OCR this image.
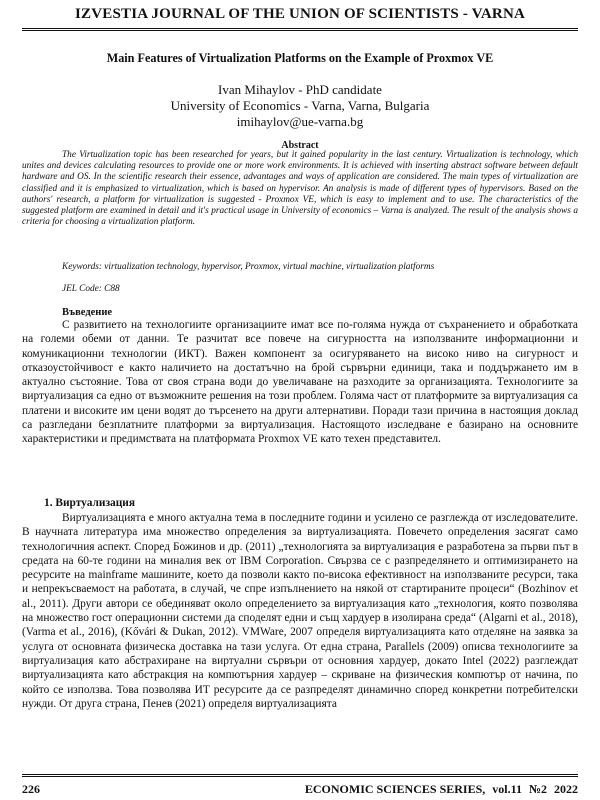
IZVESTIA JOURNAL OF THE UNION OF SCIENTISTS - VARNA
Main Features of Virtualization Platforms on the Example of Proxmox VE
Ivan Mihaylov - PhD candidate
University of Economics - Varna, Varna, Bulgaria
imihaylov@ue-varna.bg
Abstract
The Virtualization topic has been researched for years, but it gained popularity in the last century. Virtualization is technology, which unites and devices calculating resources to provide one or more work environments. It is achieved with inserting abstract software between default hardware and OS. In the scientific research their essence, advantages and ways of application are considered. The main types of virtualization are classified and it is emphasized to virtualization, which is based on hypervisor. An analysis is made of different types of hypervisors. Based on the authors' research, a platform for virtualization is suggested - Proxmox VE, which is easy to implement and to use. The characteristics of the suggested platform are examined in detail and it's practical usage in University of economics – Varna is analyzed. The result of the analysis shows a criteria for choosing a virtualization platform.
Keywords: virtualization technology, hypervisor, Proxmox, virtual machine, virtualization platforms
JEL Code: C88
Въведение
С развитието на технологиите организациите имат все по-голяма нужда от съхранението и обработката на големи обеми от данни. Те разчитат все повече на сигурността на използваните информационни и комуникационни технологии (ИКТ). Важен компонент за осигуряването на високо ниво на сигурност и отказоустойчивост е както наличието на достатъчно на брой сървърни единици, така и поддържането им в актуално състояние. Това от своя страна води до увеличаване на разходите за организацията. Технологиите за виртуализация са едно от възможните решения на този проблем. Голяма част от платформите за виртуализация са платени и високите им цени водят до търсенето на други алтернативи. Поради тази причина в настоящия доклад са разгледани безплатните платформи за виртуализация. Настоящото изследване е базирано на основните характеристики и предимствата на платформата Proxmox VE като техен представител.
1. Виртуализация
Виртуализацията е много актуална тема в последните години и усилено се разглежда от изследователите. В научната литература има множество определения за виртуализацията. Повечето определения засягат само технологичния аспект. Според Божинов и др. (2011) „технологията за виртуализация е разработена за първи път в средата на 60-те години на миналия век от IBM Corporation. Свързва се с разпределянето и оптимизирането на ресурсите на mainframe машините, което да позволи както по-висока ефективност на използваните ресурси, така и непрекъсваемост на работата, в случай, че спре изпълнението на някой от стартираните процеси“ (Bozhinov et al., 2011). Други автори се обединяват около определението за виртуализация като „технология, която позволява на множество гост операционни системи да споделят едни и същ хардуер в изолирана среда“ (Algarni et al., 2018), (Varma et al., 2016), (Kővári & Dukan, 2012). VMWare, 2007 определя виртуализацията като отделяне на заявка за услуга от основната физическа доставка на тази услуга. От една страна, Parallels (2009) описва технологиите за виртуализация като абстрахиране на виртуални сървъри от основния хардуер, докато Intel (2022) разглеждат виртуализацията като абстракция на компютърния хардуер – скриване на физическия компютър от начина, по който се използва. Това позволява ИТ ресурсите да се разпределят динамично според конкретни потребителски нужди. От друга страна, Пенев (2021) определя виртуализацията
226	ECONOMIC SCIENCES SERIES, vol.11 №2 2022
